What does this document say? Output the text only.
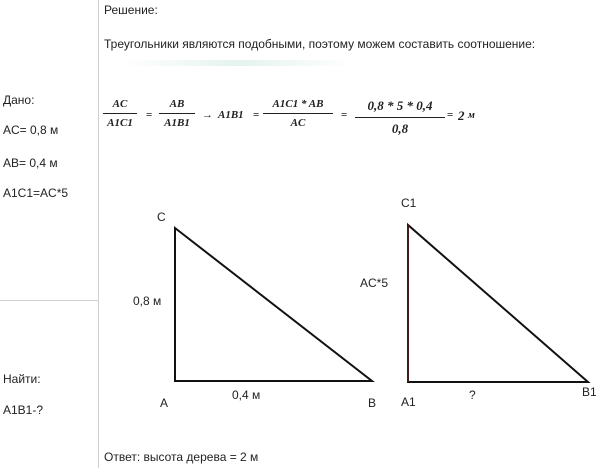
Дано:
AC= 0,8 м
AB= 0,4 м
A1C1=AC*5
Найти:
A1B1-?
Решение:
Треугольники являются подобными, поэтому можем составить соотношение:
AC
A1C1
=
AB
A1B1
→ A1B1 =
A1C1 * AB
AC
=
0,8 * 5 * 0,4
0,8
= 2 м
C
0,8 м
A
0,4 м
B
C1
AC*5
A1	?	B1
Ответ: высота дерева = 2 м
